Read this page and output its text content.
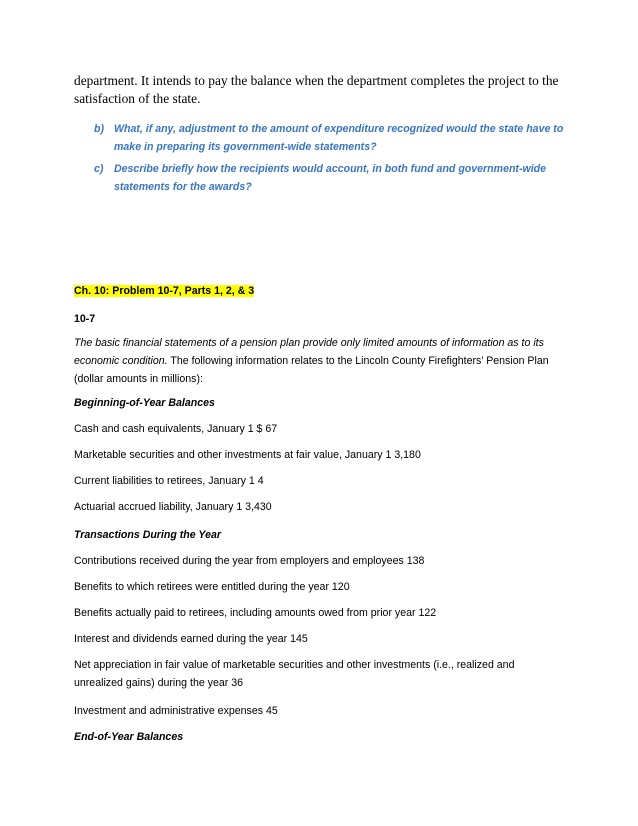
department. It intends to pay the balance when the department completes the project to the
satisfaction of the state.
b) What, if any, adjustment to the amount of expenditure recognized would the state have to
make in preparing its government-wide statements?
c) Describe briefly how the recipients would account, in both fund and government-wide
statements for the awards?
Ch. 10: Problem 10-7, Parts 1, 2, & 3
10-7
The basic financial statements of a pension plan provide only limited amounts of information as to its
economic condition. The following information relates to the Lincoln County Firefighters’ Pension Plan
(dollar amounts in millions):
Beginning-of-Year Balances
Cash and cash equivalents, January 1 $ 67
Marketable securities and other investments at fair value, January 1 3,180
Current liabilities to retirees, January 1 4
Actuarial accrued liability, January 1 3,430
Transactions During the Year
Contributions received during the year from employers and employees 138
Benefits to which retirees were entitled during the year 120
Benefits actually paid to retirees, including amounts owed from prior year 122
Interest and dividends earned during the year 145
Net appreciation in fair value of marketable securities and other investments (i.e., realized and
unrealized gains) during the year 36
Investment and administrative expenses 45
End-of-Year Balances
